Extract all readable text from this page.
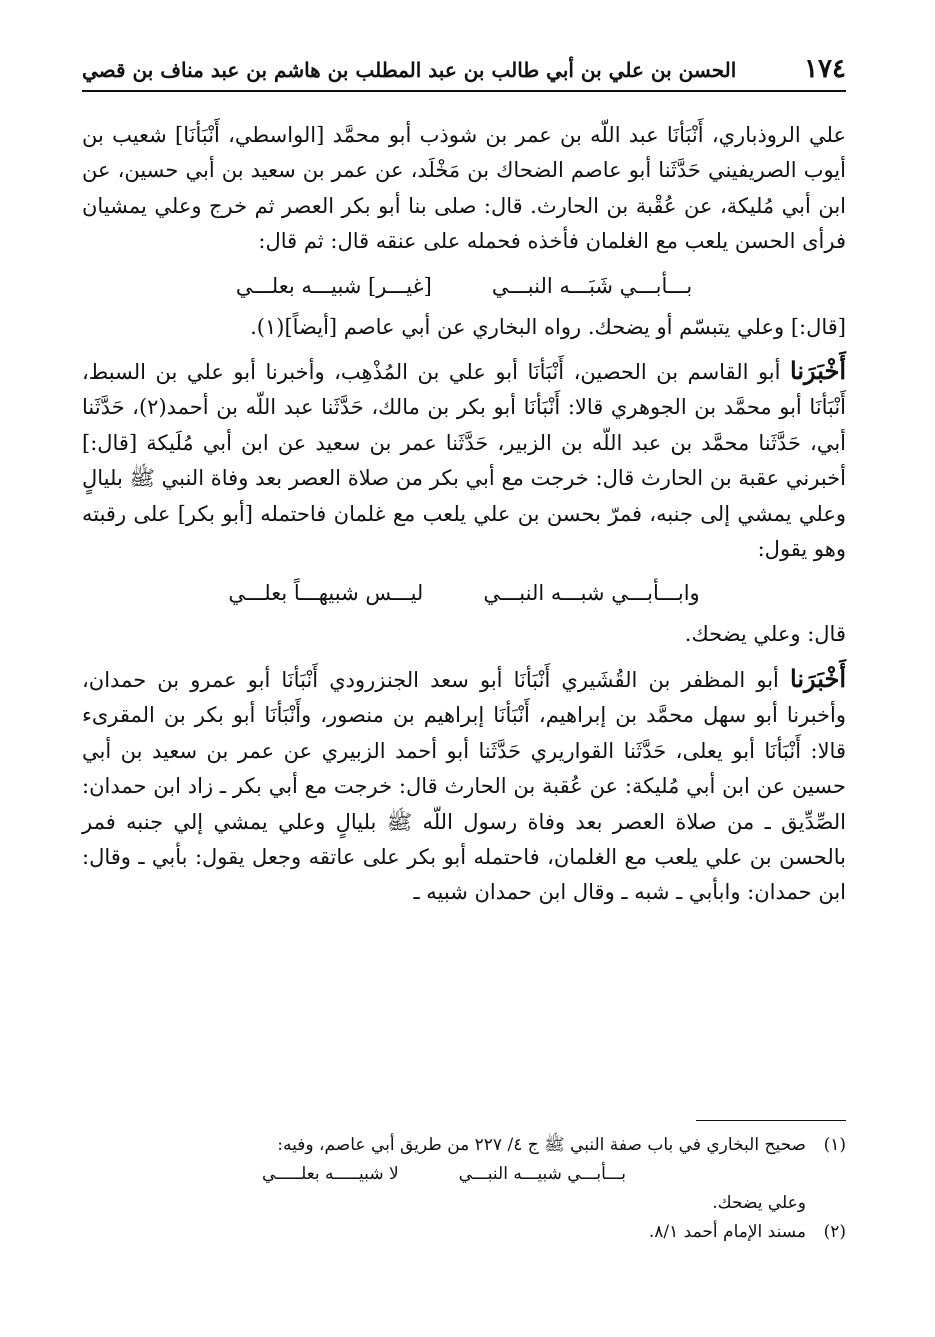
١٧٤
الحسن بن علي بن أبي طالب بن عبد المطلب بن هاشم بن عبد مناف بن قصي

علي الروذباري، أَنْبَأنَا عبد اللّه بن عمر بن شوذب أبو محمَّد [الواسطي، أَنْبَأنَا] شعيب بن أيوب الصريفيني حَدَّثَنا أبو عاصم الضحاك بن مَخْلَد، عن عمر بن سعيد بن أبي حسين، عن ابن أبي مُليكة، عن عُقْبة بن الحارث. قال: صلى بنا أبو بكر العصر ثم خرج وعلي يمشيان فرأى الحسن يلعب مع الغلمان فأخذه فحمله على عنقه قال: ثم قال:

بـــأبـــي شَبَـــه النبـــي
[غيـــر] شبيـــه بعلـــي

[قال:] وعلي يتبسّم أو يضحك. رواه البخاري عن أبي عاصم [أيضاً](١).

أَخْبَرَنا أبو القاسم بن الحصين، أَنْبَأنَا أبو علي بن المُذْهِب، وأخبرنا أبو علي بن السبط، أَنْبَأنَا أبو محمَّد بن الجوهري قالا: أَنْبَأنَا أبو بكر بن مالك، حَدَّثَنا عبد اللّه بن أحمد(٢)، حَدَّثَنا أبي، حَدَّثَنا محمَّد بن عبد اللّه بن الزبير، حَدَّثَنا عمر بن سعيد عن ابن أبي مُلَيكة [قال:] أخبرني عقبة بن الحارث قال: خرجت مع أبي بكر من صلاة العصر بعد وفاة النبي ﷺ بليالٍ وعلي يمشي إلى جنبه، فمرّ بحسن بن علي يلعب مع غلمان فاحتمله [أبو بكر] على رقبته وهو يقول:

وابـــأبـــي شبـــه النبـــي
ليـــس شبيهـــاً بعلـــي

قال: وعلي يضحك.

أَخْبَرَنا أبو المظفر بن القُشَيري أَنْبَأنَا أبو سعد الجنزرودي أَنْبَأنَا أبو عمرو بن حمدان، وأخبرنا أبو سهل محمَّد بن إبراهيم، أَنْبَأنَا إبراهيم بن منصور، وأَنْبَأنَا أبو بكر بن المقرىء قالا: أَنْبَأنَا أبو يعلى، حَدَّثَنا القواريري حَدَّثَنا أبو أحمد الزبيري عن عمر بن سعيد بن أبي حسين عن ابن أبي مُليكة: عن عُقبة بن الحارث قال: خرجت مع أبي بكر ـ زاد ابن حمدان: الصِّدِّيق ـ من صلاة العصر بعد وفاة رسول اللّه ﷺ بليالٍ وعلي يمشي إلي جنبه فمر بالحسن بن علي يلعب مع الغلمان، فاحتمله أبو بكر على عاتقه وجعل يقول: بأبي ـ وقال: ابن حمدان: وابأبي ـ شبه ـ وقال ابن حمدان شبيه ـ

(١)
صحيح البخاري في باب صفة النبي ﷺ ج ٤/ ٢٢٧ من طريق أبي عاصم، وفيه:
بـــأبـــي شبيـــه النبـــي
لا شبيـــــه بعلـــــي
وعلي يضحك.
(٢)
مسند الإمام أحمد ٨/١.
